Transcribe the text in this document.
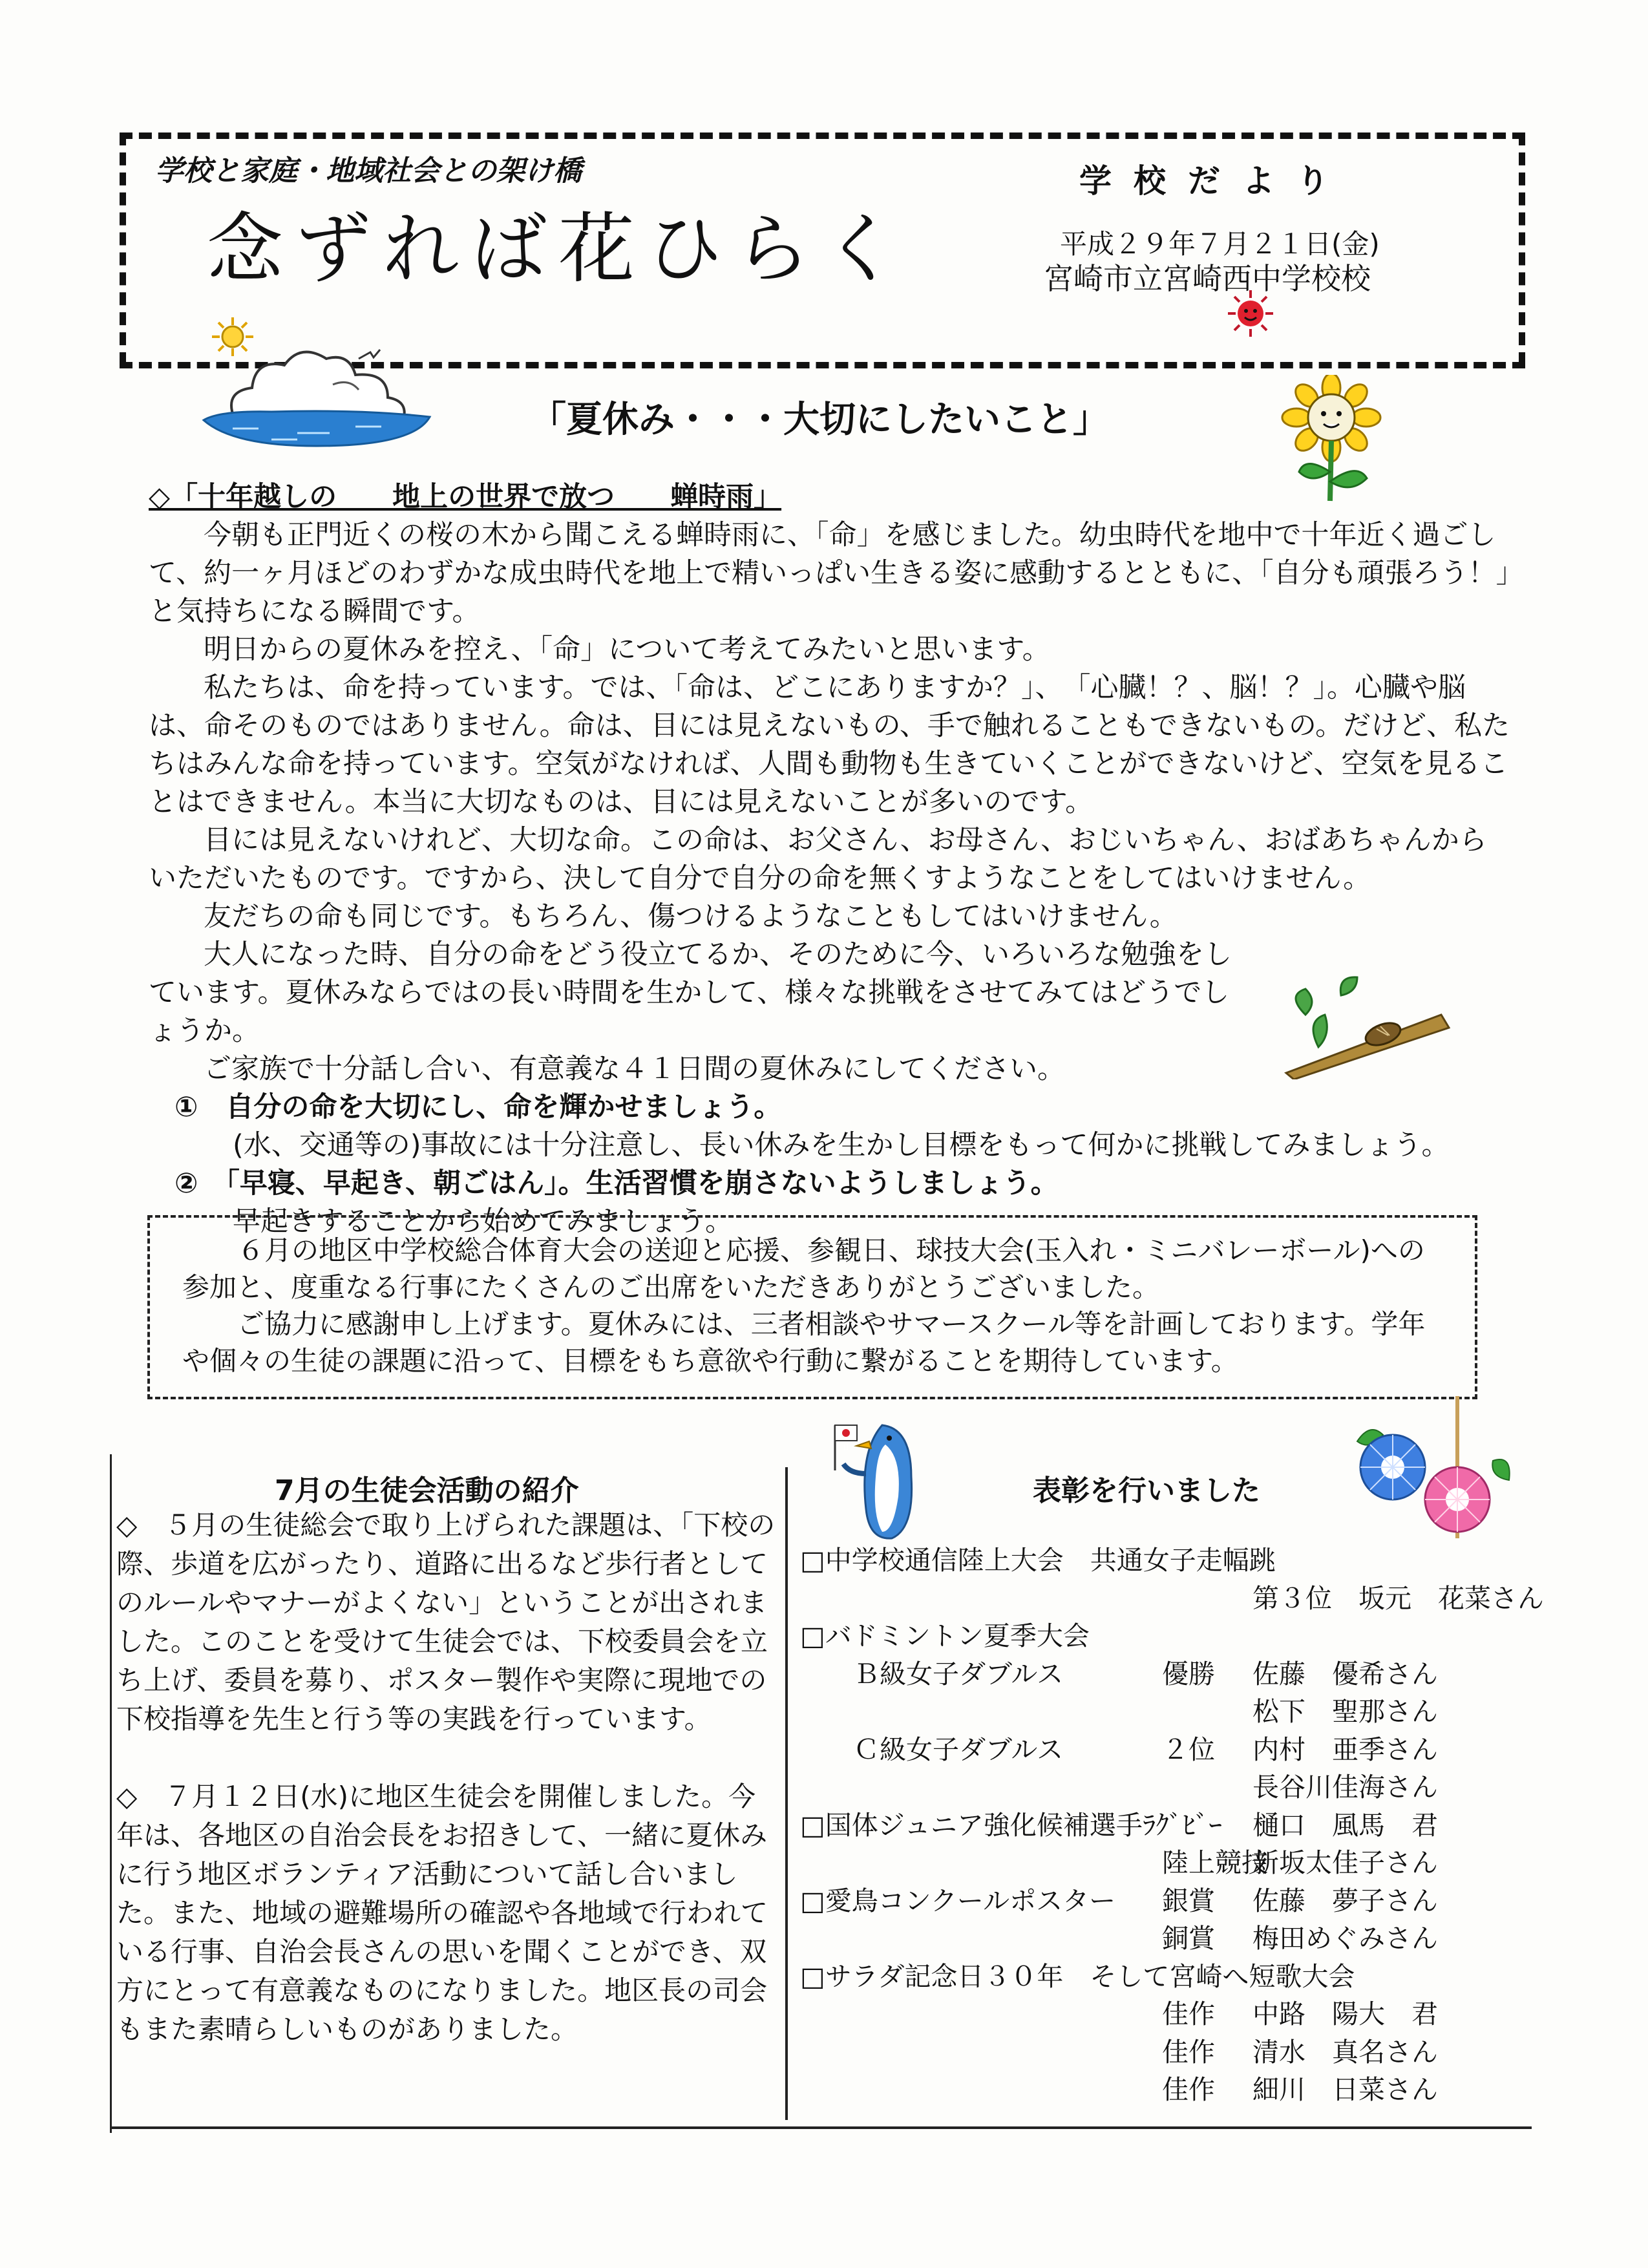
学校と家庭・地域社会との架け橋
念ずれば花ひらく
学校だより
平成２９年７月２１日(金)
宮崎市立宮崎西中学校校
「夏休み・・・大切にしたいこと」

◇「十年越しの　　地上の世界で放つ　　蝉時雨」

今朝も正門近くの桜の木から聞こえる蝉時雨に、「命」を感じました。幼虫時代を地中で十年近く過ごして、約一ヶ月ほどのわずかな成虫時代を地上で精いっぱい生きる姿に感動するとともに、「自分も頑張ろう！」と気持ちになる瞬間です。

明日からの夏休みを控え、「命」について考えてみたいと思います。

私たちは、命を持っています。では、「命は、どこにありますか？」、　「心臓！？、脳！？」。心臓や脳は、命そのものではありません。命は、目には見えないもの、手で触れることもできないもの。だけど、私たちはみんな命を持っています。空気がなければ、人間も動物も生きていくことができないけど、空気を見ることはできません。本当に大切なものは、目には見えないことが多いのです。

目には見えないけれど、大切な命。この命は、お父さん、お母さん、おじいちゃん、おばあちゃんからいただいたものです。ですから、決して自分で自分の命を無くすようなことをしてはいけません。

友だちの命も同じです。もちろん、傷つけるようなこともしてはいけません。

大人になった時、自分の命をどう役立てるか、そのために今、いろいろな勉強をしています。夏休みならではの長い時間を生かして、様々な挑戦をさせてみてはどうでしょうか。

ご家族で十分話し合い、有意義な４１日間の夏休みにしてください。

①　自分の命を大切にし、命を輝かせましょう。

(水、交通等の)事故には十分注意し、長い休みを生かし目標をもって何かに挑戦してみましょう。

②　「早寝、早起き、朝ごはん」。生活習慣を崩さないようしましょう。

早起きすることから始めてみましょう。

６月の地区中学校総合体育大会の送迎と応援、参観日、球技大会(玉入れ・ミニバレーボール)への参加と、度重なる行事にたくさんのご出席をいただきありがとうございました。

ご協力に感謝申し上げます。夏休みには、三者相談やサマースクール等を計画しております。学年や個々の生徒の課題に沿って、目標をもち意欲や行動に繋がることを期待しています。

7月の生徒会活動の紹介

◇　５月の生徒総会で取り上げられた課題は、「下校の際、歩道を広がったり、道路に出るなど歩行者としてのルールやマナーがよくない」ということが出されました。このことを受けて生徒会では、下校委員会を立ち上げ、委員を募り、ポスター製作や実際に現地での下校指導を先生と行う等の実践を行っています。

◇　７月１２日(水)に地区生徒会を開催しました。今年は、各地区の自治会長をお招きして、一緒に夏休みに行う地区ボランティア活動について話し合いました。また、地域の避難場所の確認や各地域で行われている行事、自治会長さんの思いを聞くことができ、双方にとって有意義なものになりました。地区長の司会もまた素晴らしいものがありました。

日
表彰を行いました
□中学校通信陸上大会　共通女子走幅跳
第３位　坂元　花菜さん
□バドミントン夏季大会
　　Ｂ級女子ダブルス	優勝 佐藤　優希さん
松下　聖那さん
　　Ｃ級女子ダブルス	２位 内村　亜季さん
長谷川佳海さん
□国体ジュニア強化候補選手ﾗｸﾞﾋﾞｰ 樋口　風馬　君
陸上競技
新坂太佳子さん
□愛鳥コンクールポスター 銀賞 佐藤　夢子さん
銅賞 梅田めぐみさん
□サラダ記念日３０年　そして宮崎へ短歌大会
佳作 中路　陽大　君
佳作 清水　真名さん
佳作 細川　日菜さん
